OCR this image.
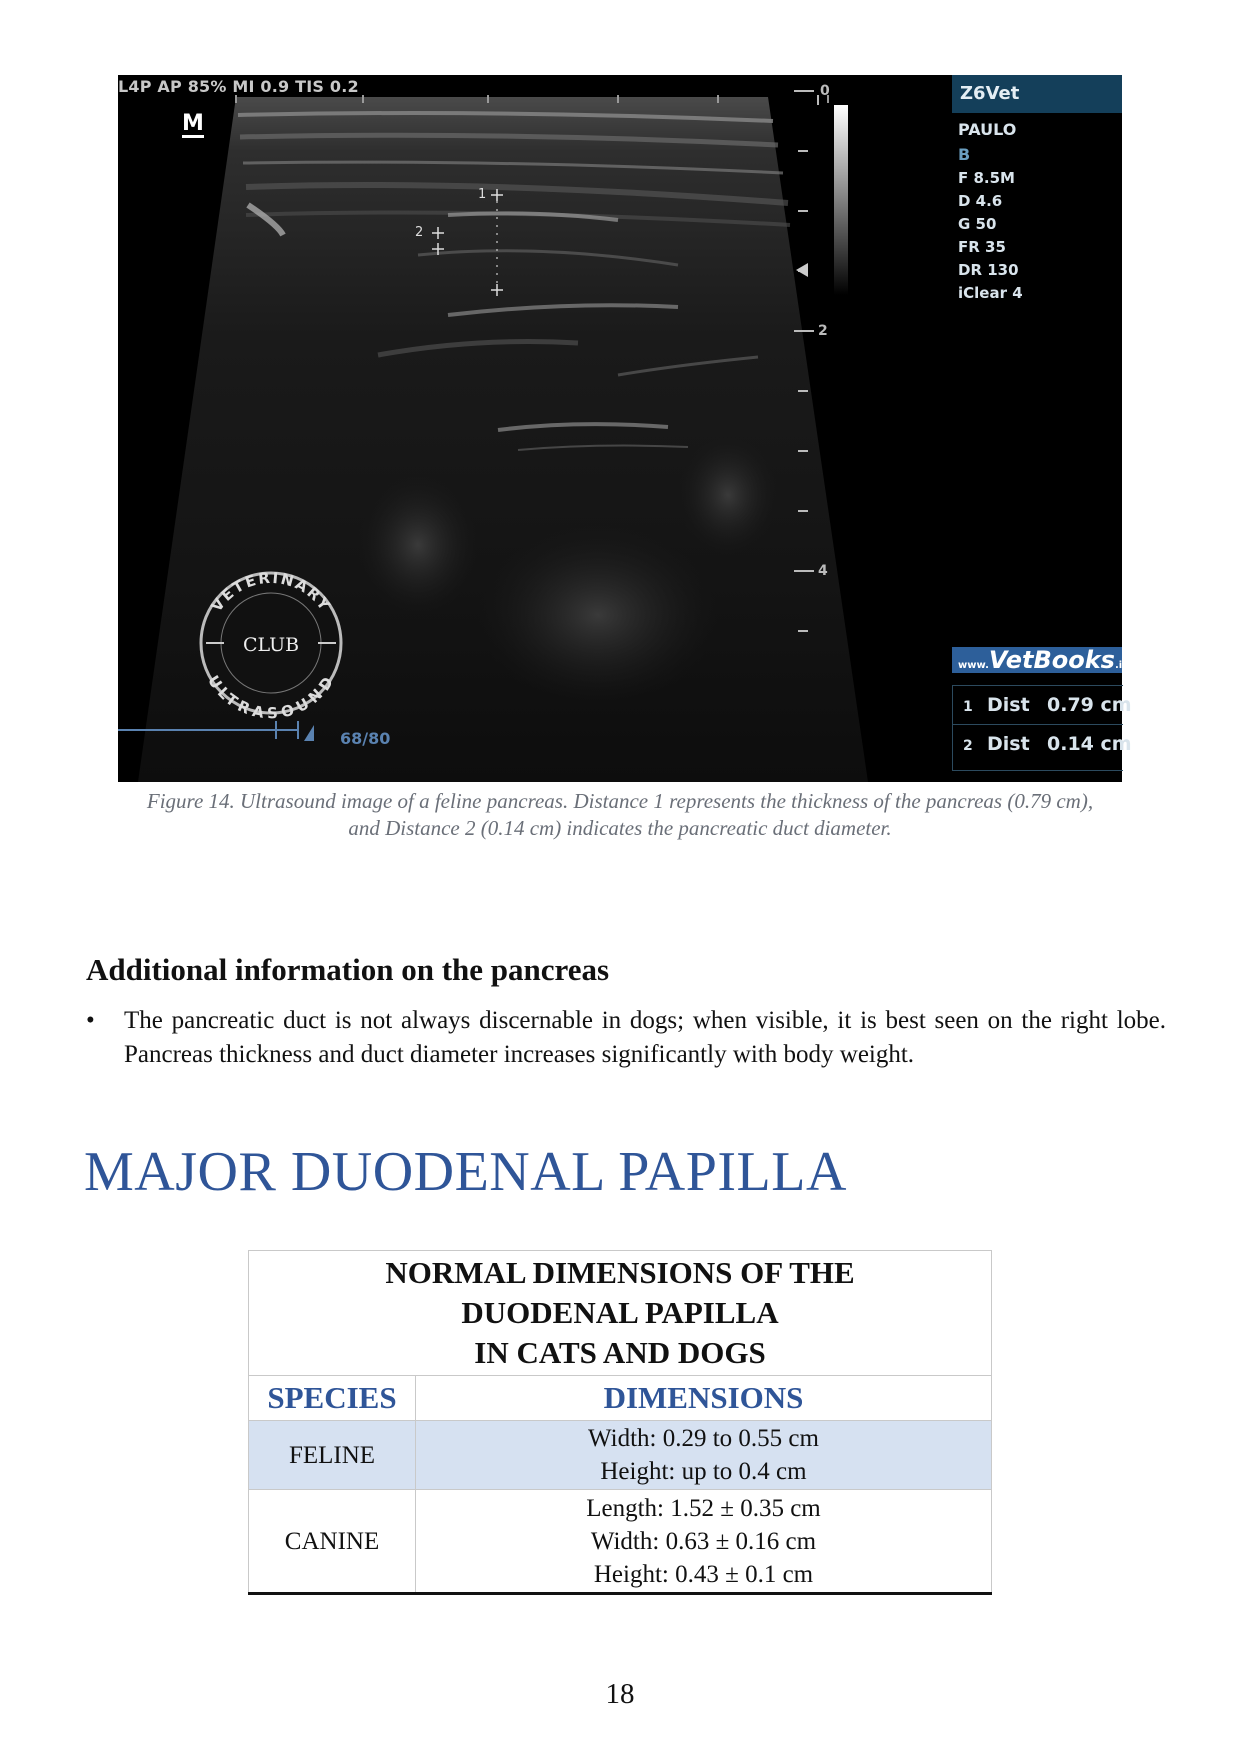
VETERINARY
ULTRASOUND
CLUB
L4P AP 85% MI 0.9 TIS 0.2
M
1
2
0
2
4
Z6Vet
PAULO
B
F 8.5M
D 4.6
G 50
FR 35
DR 130
iClear 4
www.VetBooks.ir
1 Dist 0.79 cm
2 Dist 0.14 cm
68/80
Figure 14. Ultrasound image of a feline pancreas. Distance 1 represents the thickness of the pancreas (0.79 cm),
and Distance 2 (0.14 cm) indicates the pancreatic duct diameter.
Additional information on the pancreas
• The pancreatic duct is not always discernable in dogs; when visible, it is best seen on the right lobe. Pancreas thickness and duct diameter increases significantly with body weight.
MAJOR DUODENAL PAPILLA
NORMAL DIMENSIONS OF THE
DUODENAL PAPILLA
IN CATS AND DOGS	

SPECIES	DIMENSIONS
FELINE	Width: 0.29 to 0.55 cm
Height: up to 0.4 cm

CANINE	Length: 1.52 ± 0.35 cm
Width: 0.63 ± 0.16 cm
Height: 0.43 ± 0.1 cm
18
